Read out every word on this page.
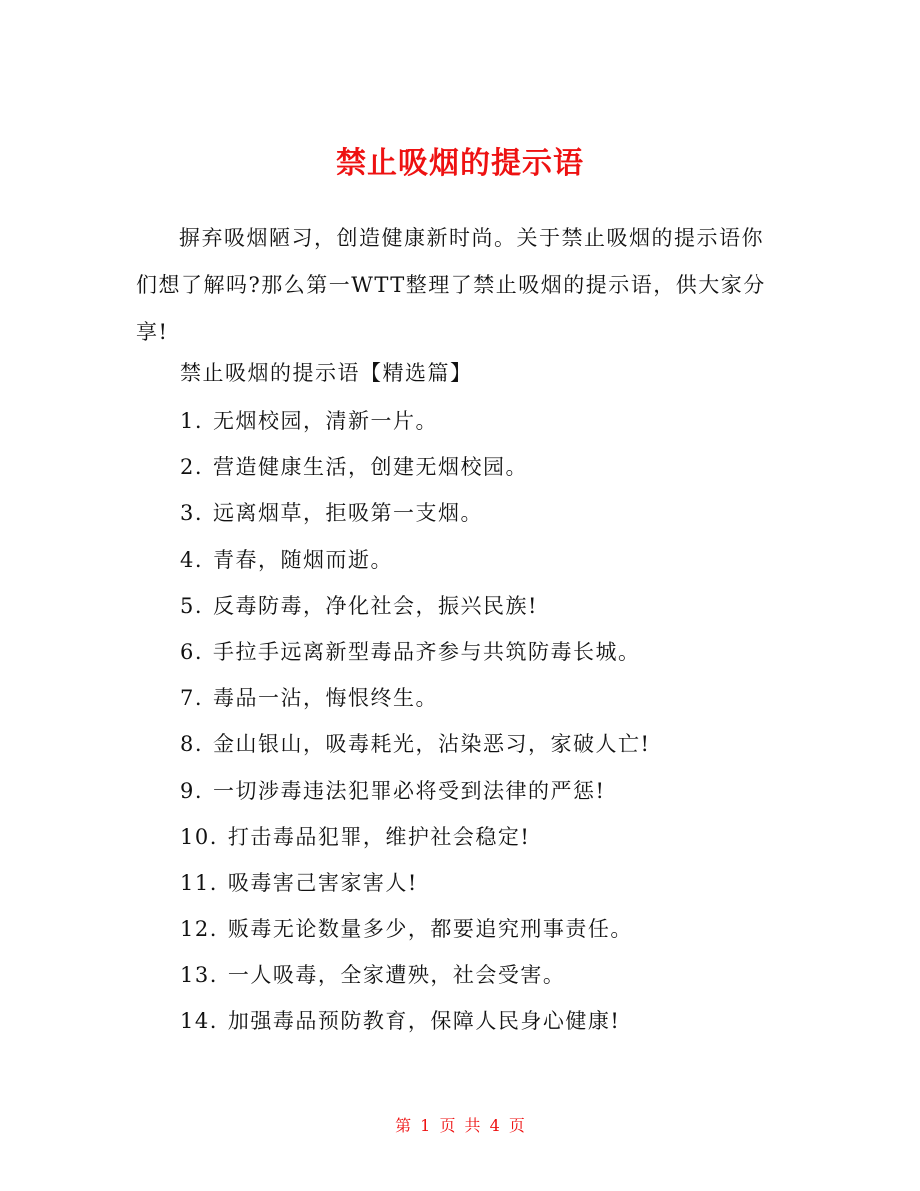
禁止吸烟的提示语

摒弃吸烟陋习，创造健康新时尚。关于禁止吸烟的提示语你们想了解吗?那么第一WTT整理了禁止吸烟的提示语，供大家分享!

禁止吸烟的提示语【精选篇】

1. 无烟校园，清新一片。
2. 营造健康生活，创建无烟校园。
3. 远离烟草，拒吸第一支烟。
4. 青春，随烟而逝。
5. 反毒防毒，净化社会，振兴民族!
6. 手拉手远离新型毒品齐参与共筑防毒长城。
7. 毒品一沾，悔恨终生。
8. 金山银山，吸毒耗光，沾染恶习，家破人亡!
9. 一切涉毒违法犯罪必将受到法律的严惩!
10. 打击毒品犯罪，维护社会稳定!
11. 吸毒害己害家害人!
12. 贩毒无论数量多少，都要追究刑事责任。
13. 一人吸毒，全家遭殃，社会受害。
14. 加强毒品预防教育，保障人民身心健康!
第 1 页 共 4 页
